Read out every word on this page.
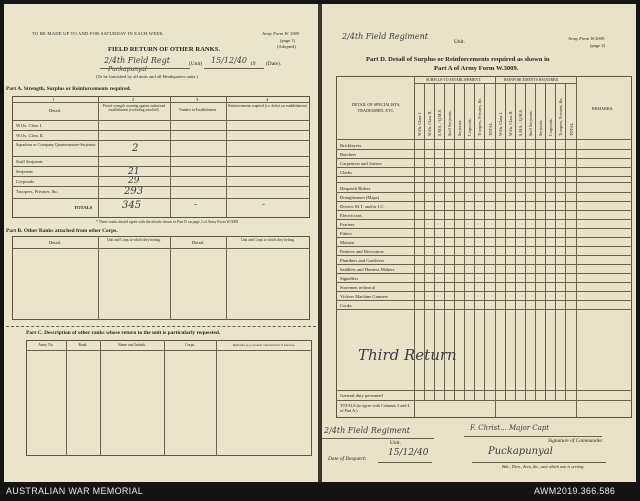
TO BE MADE UP TO AND FOR SATURDAY IN EACH WEEK.	Army Form W. 3009
(page 1)
(Adopted)
FIELD RETURN OF OTHER RANKS.
2/4th Field Regt
Puckapunyal
(Unit) 15/12/40 19 (Date).
(To be furnished by all units and all Headquarter units.)
Part A. Strength, Surplus or Reinforcements required.
1	2	3	4
Detail.
Posted strength counting against authorised establishment (excluding attached).	Number in Establishment.
Reinforcements required (i.e. deficit on establishment).
W.Os. Class I.
W.Os. Class II.
Squadron or Company Quartermaster-Serjeants	2
Staff Serjeants
Serjeants	21
Corporals	29
Troopers, Privates, &c.	293
TOTALS	345	-	-
* These totals should agree with the details shown in Part D on page 2 of Army Form W.3009.
Part B. Other Ranks attached from other Corps.
Detail.	Unit and Corps to which they belong.	Detail.	Unit and Corps to which they belong.
Part C. Description of other ranks whose return to the unit is particularly requested.
Army No.	Rank.	Name and Initials.	Corps.	Remarks (e.g. present whereabouts if known).
2/4th Field Regiment
Unit.
Army Form W.3009
(page 2)
Part D. Detail of Surplus or Reinforcements required as shown in
Part A of Army Form W.3009.
DETAIL OF SPECIALISTS, TRADESMEN, ETC.
SURPLUS TO ESTABLISHMENT.	REINFORCEMENTS REQUIRED.
REMARKS.
W.Os. Class I. W.Os. Class II. S.M.S. / Q.M.S. Staff Serjeants. Serjeants. Corporals. Troopers, Privates, &c. TOTAL. W.Os. Class I. W.Os. Class II. S.M.S. / Q.M.S. Staff Serjeants. Serjeants. Corporals. Troopers, Privates, &c. TOTAL.
Bricklayers
Butchers
Carpenters and Joiners
Clerks
Despatch Riders
Draughtsmen (Maps)
Drivers M.T. and/or I.C.
Electricians
Farriers
Fitters
Masons
Painters and Decorators
Plumbers and Gasfitters
Saddlers and Harness Makers
Signallers
Storemen technical
Vickers Machine Gunners
Cooks
Third Return
General duty personnel
TOTALS (to agree with Columns 3 and 4 of Part A.)
2/4th Field Regiment
Unit.
F. Christ... Major Capt
Signature of Commander.
Date of Despatch
15/12/40	Puckapunyal
Bde., Divn., Area, &c., unit which unit is serving.
AUSTRALIAN WAR MEMORIAL	AWM2019.366.586
